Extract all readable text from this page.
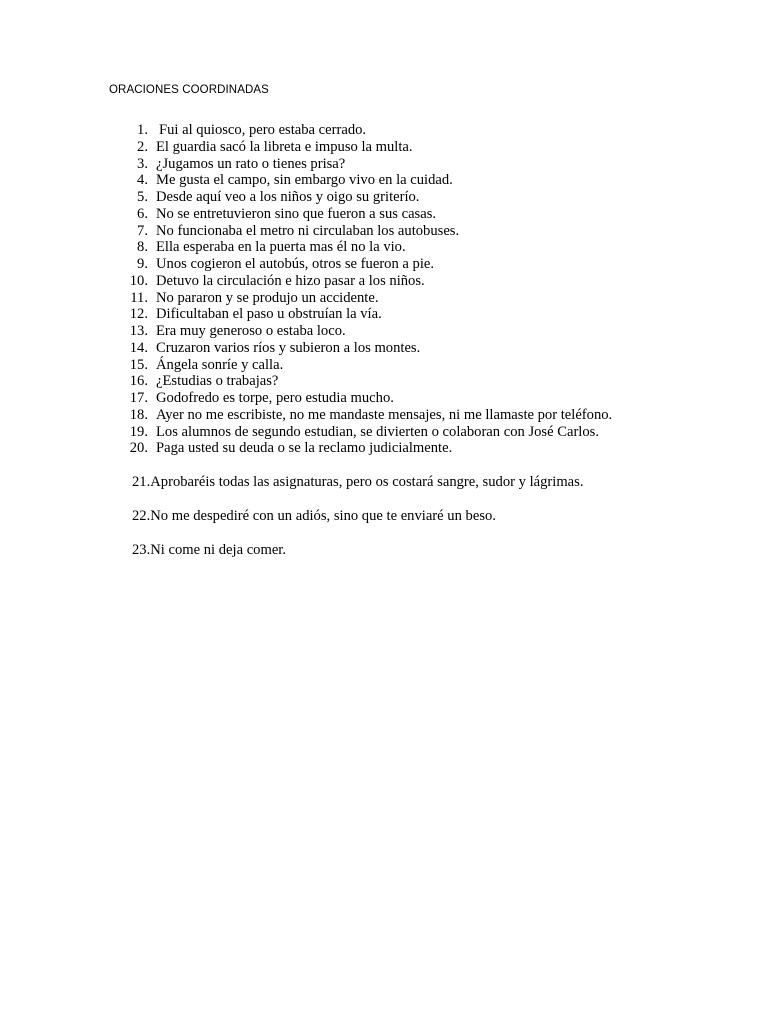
ORACIONES COORDINADAS
1. Fui al quiosco, pero estaba cerrado.
2. El guardia sacó la libreta e impuso la multa.
3. ¿Jugamos un rato o tienes prisa?
4. Me gusta el campo, sin embargo vivo en la cuidad.
5. Desde aquí veo a los niños y oigo su griterío.
6. No se entretuvieron sino que fueron a sus casas.
7. No funcionaba el metro ni circulaban los autobuses.
8. Ella esperaba en la puerta mas él no la vio.
9. Unos cogieron el autobús, otros se fueron a pie.
10. Detuvo la circulación e hizo pasar a los niños.
11. No pararon y se produjo un accidente.
12. Dificultaban el paso u obstruían la vía.
13. Era muy generoso o estaba loco.
14. Cruzaron varios ríos y subieron a los montes.
15. Ángela sonríe y calla.
16. ¿Estudias o trabajas?
17. Godofredo es torpe, pero estudia mucho.
18. Ayer no me escribiste, no me mandaste mensajes, ni me llamaste por teléfono.
19. Los alumnos de segundo estudian, se divierten o colaboran con José Carlos.
20. Paga usted su deuda o se la reclamo judicialmente.
21.Aprobaréis todas las asignaturas, pero os costará sangre, sudor y lágrimas.
22.No me despediré con un adiós, sino que te enviaré un beso.
23.Ni come ni deja comer.
